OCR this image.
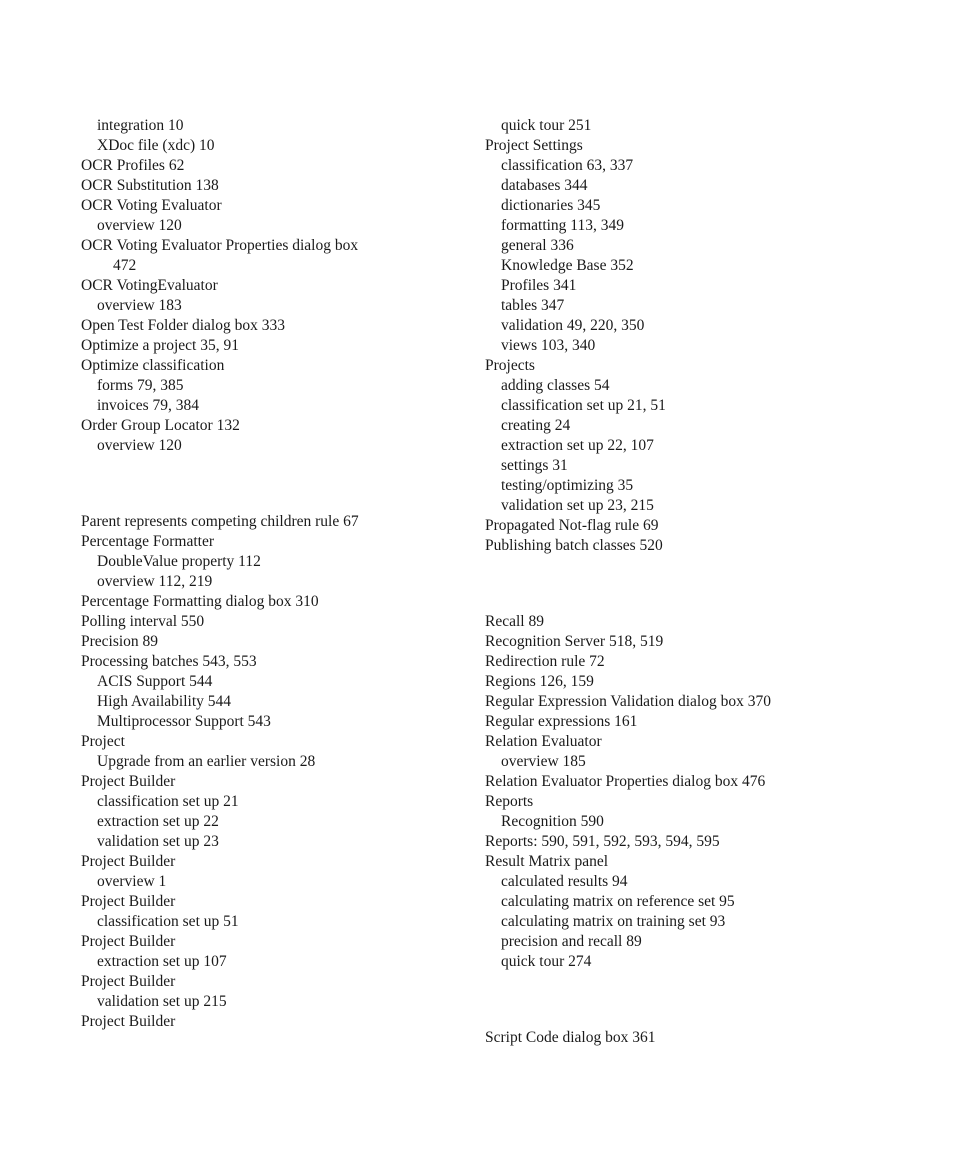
integration 10
XDoc file (xdc) 10
OCR Profiles 62
OCR Substitution 138
OCR Voting Evaluator
overview 120
OCR Voting Evaluator Properties dialog box
472
OCR VotingEvaluator
overview 183
Open Test Folder dialog box 333
Optimize a project 35, 91
Optimize classification
forms 79, 385
invoices 79, 384
Order Group Locator 132
overview 120
Parent represents competing children rule 67
Percentage Formatter
DoubleValue property 112
overview 112, 219
Percentage Formatting dialog box 310
Polling interval 550
Precision 89
Processing batches 543, 553
ACIS Support 544
High Availability 544
Multiprocessor Support 543
Project
Upgrade from an earlier version 28
Project Builder
classification set up 21
extraction set up 22
validation set up 23
Project Builder
overview 1
Project Builder
classification set up 51
Project Builder
extraction set up 107
Project Builder
validation set up 215
Project Builder
quick tour 251
Project Settings
classification 63, 337
databases 344
dictionaries 345
formatting 113, 349
general 336
Knowledge Base 352
Profiles 341
tables 347
validation 49, 220, 350
views 103, 340
Projects
adding classes 54
classification set up 21, 51
creating 24
extraction set up 22, 107
settings 31
testing/optimizing 35
validation set up 23, 215
Propagated Not-flag rule 69
Publishing batch classes 520
Recall 89
Recognition Server 518, 519
Redirection rule 72
Regions 126, 159
Regular Expression Validation dialog box 370
Regular expressions 161
Relation Evaluator
overview 185
Relation Evaluator Properties dialog box 476
Reports
Recognition 590
Reports: 590, 591, 592, 593, 594, 595
Result Matrix panel
calculated results 94
calculating matrix on reference set 95
calculating matrix on training set 93
precision and recall 89
quick tour 274
Script Code dialog box 361
